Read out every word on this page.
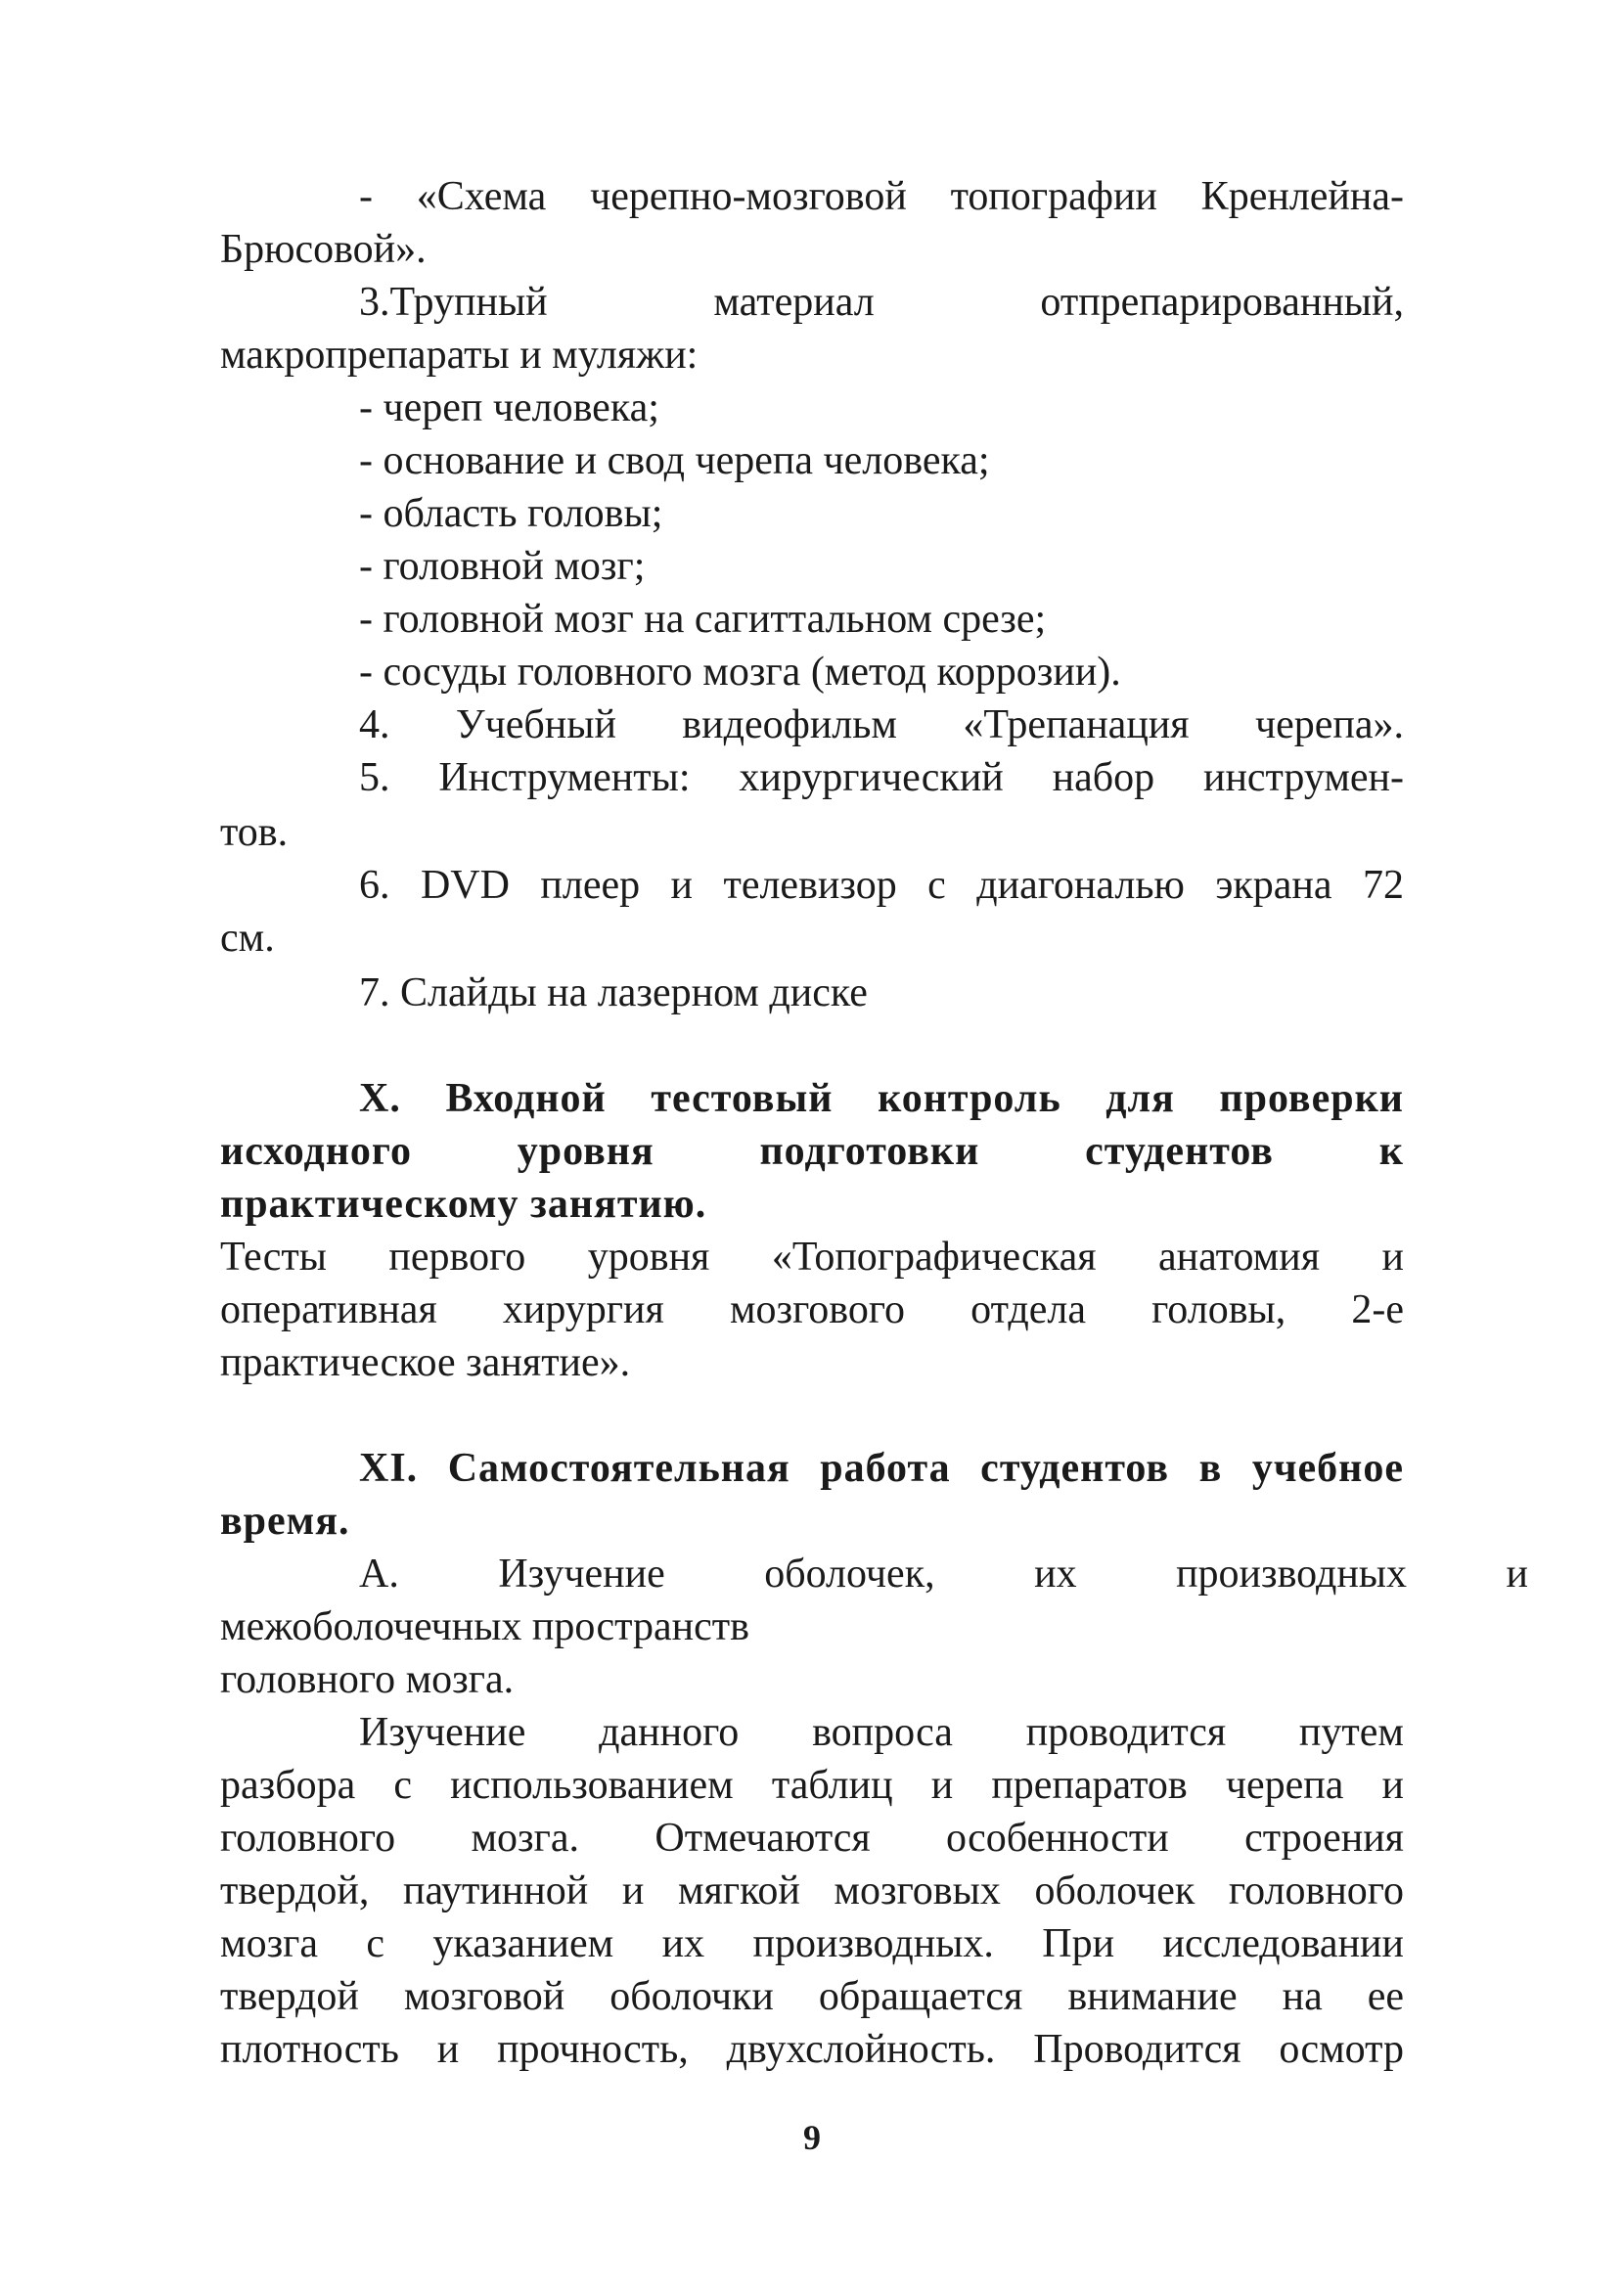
- «Схема черепно-мозговой топографии Кренлейна-
Брюсовой».
3.Трупный материал отпрепарированный,
макропрепараты и муляжи:
- череп человека;
- основание и свод черепа человека;
- область головы;
- головной мозг;
- головной мозг на сагиттальном срезе;
- сосуды головного мозга (метод коррозии).
4. Учебный видеофильм «Трепанация черепа».
5. Инструменты: хирургический набор инструмен-
тов.
6. DVD плеер и телевизор с диагональю экрана 72
см.
7. Слайды на лазерном диске
X. Входной тестовый контроль для проверки
исходного уровня подготовки студентов к
практическому занятию.
Тесты первого уровня «Топографическая анатомия и
оперативная хирургия мозгового отдела головы, 2-е
практическое занятие».
XI. Самостоятельная работа студентов в учебное
время.
А. Изучение оболочек, их производных и
межоболочечных пространств
головного мозга.
Изучение данного вопроса проводится путем
разбора с использованием таблиц и препаратов черепа и
головного мозга. Отмечаются особенности строения
твердой, паутинной и мягкой мозговых оболочек головного
мозга с указанием их производных. При исследовании
твердой мозговой оболочки обращается внимание на ее
плотность и прочность, двухслойность. Проводится осмотр
9
